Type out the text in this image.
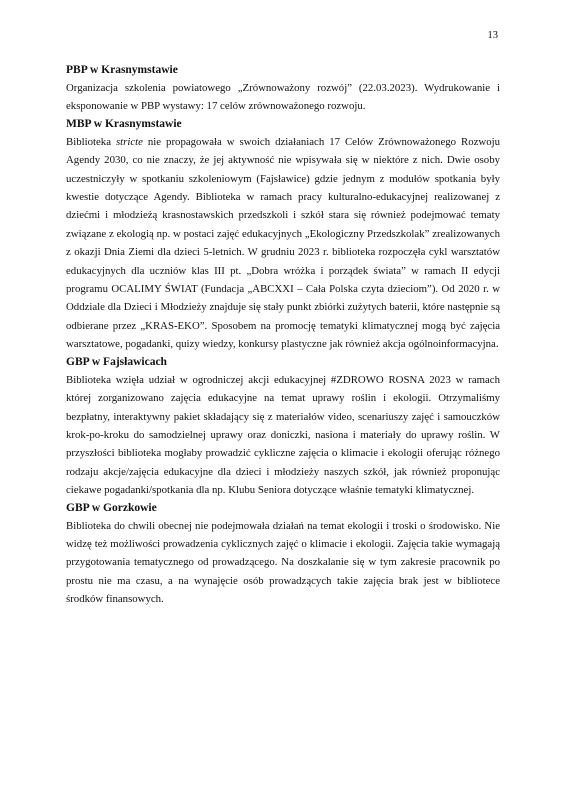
13
PBP w Krasnymstawie

Organizacja szkolenia powiatowego „Zrównoważony rozwój” (22.03.2023). Wydrukowanie i eksponowanie w PBP wystawy: 17 celów zrównoważonego rozwoju.

MBP w Krasnymstawie

Biblioteka stricte nie propagowała w swoich działaniach 17 Celów Zrównoważonego Rozwoju Agendy 2030, co nie znaczy, że jej aktywność nie wpisywała się w niektóre z nich. Dwie osoby uczestniczyły w spotkaniu szkoleniowym (Fajsławice) gdzie jednym z modułów spotkania były kwestie dotyczące Agendy. Biblioteka w ramach pracy kulturalno-edukacyjnej realizowanej z dziećmi i młodzieżą krasnostawskich przedszkoli i szkół stara się również podejmować tematy związane z ekologią np. w postaci zajęć edukacyjnych „Ekologiczny Przedszkolak” zrealizowanych z okazji Dnia Ziemi dla dzieci 5-letnich. W grudniu 2023 r. biblioteka rozpoczęła cykl warsztatów edukacyjnych dla uczniów klas III pt. „Dobra wróżka i porządek świata” w ramach II edycji programu OCALIMY ŚWIAT (Fundacja „ABCXXI – Cała Polska czyta dzieciom”). Od 2020 r. w Oddziale dla Dzieci i Młodzieży znajduje się stały punkt zbiórki zużytych baterii, które następnie są odbierane przez „KRAS-EKO”. Sposobem na promocję tematyki klimatycznej mogą być zajęcia warsztatowe, pogadanki, quizy wiedzy, konkursy plastyczne jak również akcja ogólnoinformacyjna.

GBP w Fajsławicach

Biblioteka wzięła udział w ogrodniczej akcji edukacyjnej #ZDROWO ROSNA 2023 w ramach której zorganizowano zajęcia edukacyjne na temat uprawy roślin i ekologii. Otrzymaliśmy bezpłatny, interaktywny pakiet składający się z materiałów video, scenariuszy zajęć i samouczków krok-po-kroku do samodzielnej uprawy oraz doniczki, nasiona i materiały do uprawy roślin. W przyszłości biblioteka mogłaby prowadzić cykliczne zajęcia o klimacie i ekologii oferując różnego rodzaju akcje/zajęcia edukacyjne dla dzieci i młodzieży naszych szkół, jak również proponując ciekawe pogadanki/spotkania dla np. Klubu Seniora dotyczące właśnie tematyki klimatycznej.

GBP w Gorzkowie

Biblioteka do chwili obecnej nie podejmowała działań na temat ekologii i troski o środowisko. Nie widzę też możliwości prowadzenia cyklicznych zajęć o klimacie i ekologii. Zajęcia takie wymagają przygotowania tematycznego od prowadzącego. Na doszkalanie się w tym zakresie pracownik po prostu nie ma czasu, a na wynajęcie osób prowadzących takie zajęcia brak jest w bibliotece środków finansowych.
